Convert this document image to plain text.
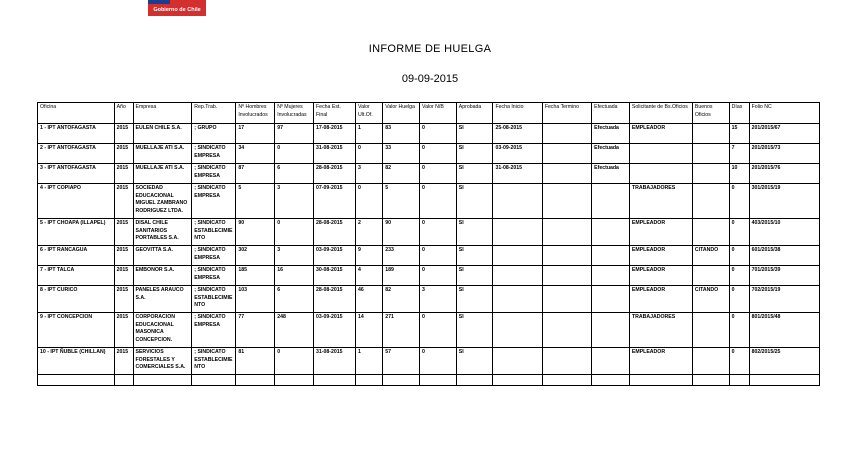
Gobierno de Chile
INFORME DE HUELGA
09-09-2015
Oficina	Año	Empresa	Rep.Trab.	Nº Hombres Involucrados	Nº Mujeres Involucradas	Fecha Est. Final	Valor Ult.Of.	Valor Huelga	Valor N/B	Aprobada	Fecha Inicio	Fecha Termino	Efectuada	Solicitante de Bs.Oficios	Buenos Oficios	Días	Folio NC
1 - IPT ANTOFAGASTA	2015	EULEN CHILE S.A.	; GRUPO	17	97	17-08-2015	1	83	0	SI	25-08-2015		Efectuada	EMPLEADOR		15	201/2015/67
2 - IPT ANTOFAGASTA	2015	MUELLAJE ATI S.A.	; SINDICATO EMPRESA	34	0	31-08-2015	0	33	0	SI	03-09-2015		Efectuada			7	201/2015/73
3 - IPT ANTOFAGASTA	2015	MUELLAJE ATI S.A.	; SINDICATO EMPRESA	87	6	28-08-2015	3	82	0	SI	31-08-2015		Efectuada			10	201/2015/76
4 - IPT COPIAPO	2015	SOCIEDAD EDUCACIONAL MIGUEL ZAMBRANO RODRIGUEZ LTDA.	; SINDICATO EMPRESA	5	3	07-09-2015	0	5	0	SI				TRABAJADORES		0	301/2015/19
5 - IPT CHOAPA (ILLAPEL)	2015	DISAL CHILE SANITARIOS PORTABLES S.A.	; SINDICATO ESTABLECIMIENTO	90	0	28-08-2015	2	90	0	SI				EMPLEADOR		0	403/2015/10
6 - IPT RANCAGUA	2015	GEOVITTA S.A.	; SINDICATO EMPRESA	302	3	03-09-2015	9	233	0	SI				EMPLEADOR	CITANDO	0	601/2015/38
7 - IPT TALCA	2015	EMBONOR S.A.	; SINDICATO EMPRESA	185	16	30-08-2015	4	189	0	SI				EMPLEADOR		0	701/2015/39
8 - IPT CURICO	2015	PANELES ARAUCO S.A.	; SINDICATO ESTABLECIMIENTO	103	6	28-08-2015	46	82	3	SI				EMPLEADOR	CITANDO	0	702/2015/19
9 - IPT CONCEPCION	2015	CORPORACION EDUCACIONAL MASONICA CONCEPCION.	; SINDICATO EMPRESA	77	248	03-09-2015	14	271	0	SI				TRABAJADORES		0	801/2015/48
10 - IPT ÑUBLE (CHILLAN)	2015	SERVICIOS FORESTALES Y COMERCIALES S.A.	; SINDICATO ESTABLECIMIENTO	81	0	31-08-2015	1	57	0	SI				EMPLEADOR		0	802/2015/25
